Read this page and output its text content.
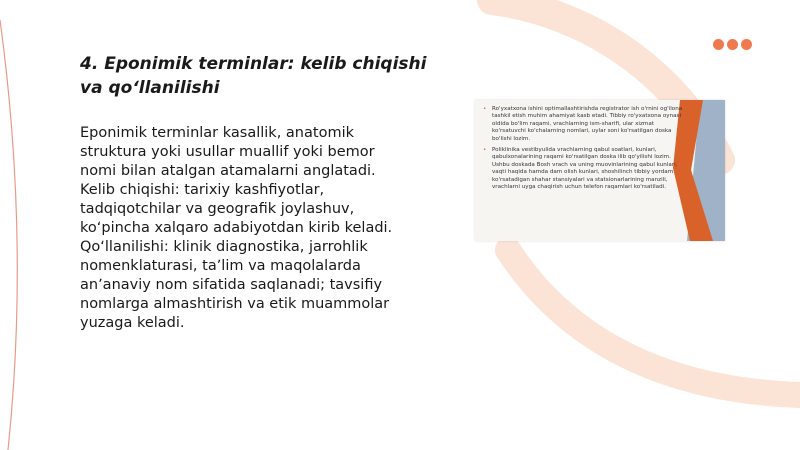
4. Eponimik terminlar: kelib chiqishi va qoʻllanilishi

Eponimik terminlar kasallik, anatomik struktura yoki usullar muallif yoki bemor nomi bilan atalgan atamalarni anglatadi. Kelib chiqishi: tarixiy kashfiyotlar, tadqiqotchilar va geografik joylashuv, koʻpincha xalqaro adabiyotdan kirib keladi. Qoʻllanilishi: klinik diagnostika, jarrohlik nomenklaturasi, taʼlim va maqolalarda anʼanaviy nom sifatida saqlanadi; tavsifiy nomlarga almashtirish va etik muammolar yuzaga keladi.

• Ro'yxatxona ishini optimallashtirishda registrator ish o'rnini og'ilona tashkil etish muhim ahamiyat kasb etadi. Tibbiy ro'yxatxona oynasi oldida bo'lim raqami, vrachlarning ism-sharifi, ular xizmat ko'rsatuvchi ko'chalarning nomlari, uylar soni ko'rsatilgan doska bo'lishi lozim.
• Poliklinika vestibyulida vrachlarning qabul soatlari, kunlari, qabulxonalarining raqami ko'rsatilgan doska ilib qo'yilishi lozim. Ushbu doskada Bosh vrach va uning muovinlarining qabul kunlari, vaqti haqida hamda dam olish kunlari, shoshilinch tibbiy yordam ko'rsatadigan shahar stansiyalari va statsionarlarining manzili, vrachlarni uyga chaqirish uchun telefon raqamlari ko'rsatiladi.
